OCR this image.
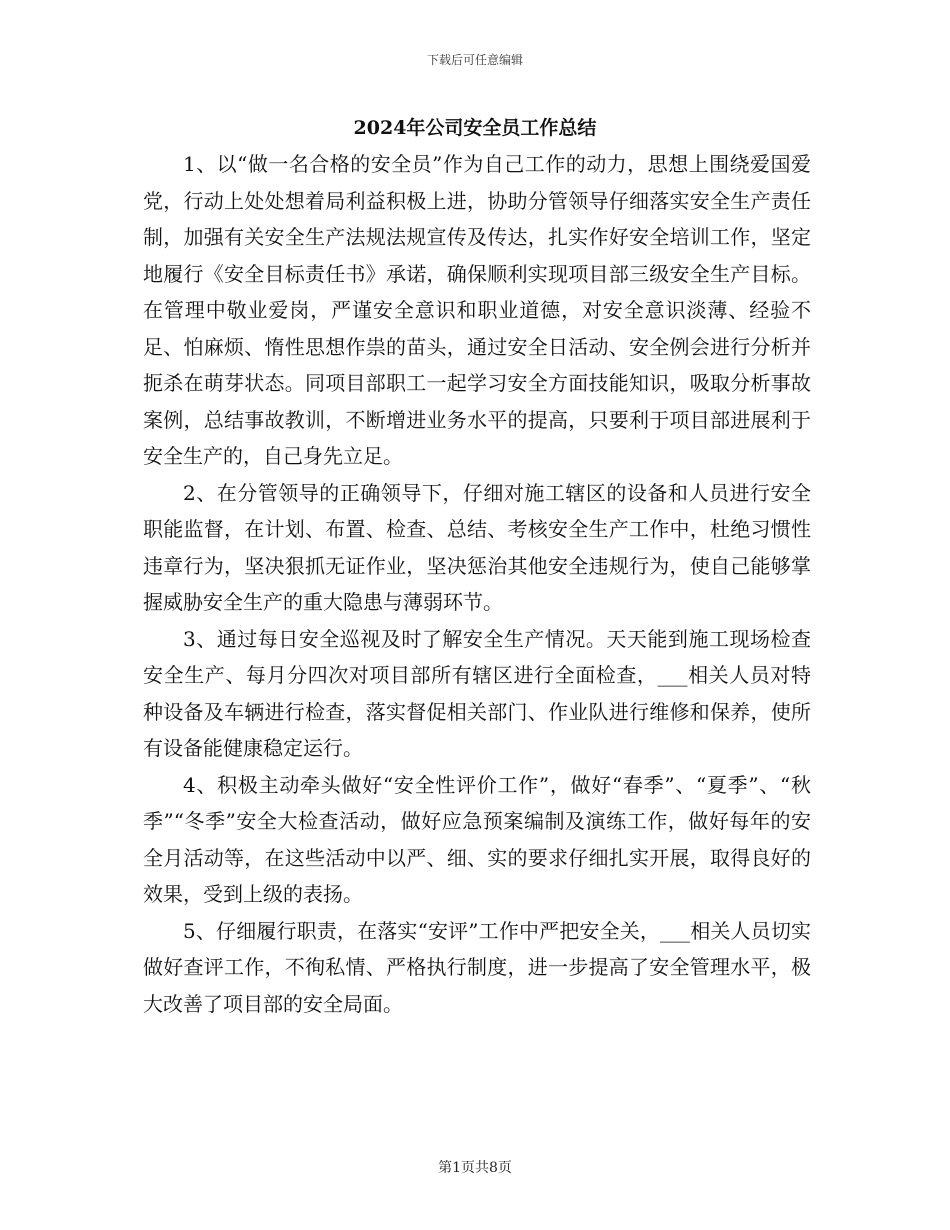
下载后可任意编辑
2024年公司安全员工作总结

1、以“做一名合格的安全员”作为自己工作的动力，思想上围绕爱国爱党，行动上处处想着局利益积极上进，协助分管领导仔细落实安全生产责任制，加强有关安全生产法规法规宣传及传达，扎实作好安全培训工作，坚定地履行《安全目标责任书》承诺，确保顺利实现项目部三级安全生产目标。在管理中敬业爱岗，严谨安全意识和职业道德，对安全意识淡薄、经验不足、怕麻烦、惰性思想作祟的苗头，通过安全日活动、安全例会进行分析并扼杀在萌芽状态。同项目部职工一起学习安全方面技能知识，吸取分析事故案例，总结事故教训，不断增进业务水平的提高，只要利于项目部进展利于安全生产的，自己身先立足。

2、在分管领导的正确领导下，仔细对施工辖区的设备和人员进行安全职能监督，在计划、布置、检查、总结、考核安全生产工作中，杜绝习惯性违章行为，坚决狠抓无证作业，坚决惩治其他安全违规行为，使自己能够掌握威胁安全生产的重大隐患与薄弱环节。

3、通过每日安全巡视及时了解安全生产情况。天天能到施工现场检查安全生产、每月分四次对项目部所有辖区进行全面检查，___相关人员对特种设备及车辆进行检查，落实督促相关部门、作业队进行维修和保养，使所有设备能健康稳定运行。

4、积极主动牵头做好“安全性评价工作”，做好“春季”、“夏季”、“秋季”“冬季”安全大检查活动，做好应急预案编制及演练工作，做好每年的安全月活动等，在这些活动中以严、细、实的要求仔细扎实开展，取得良好的效果，受到上级的表扬。

5、仔细履行职责，在落实“安评”工作中严把安全关，___相关人员切实做好查评工作，不徇私情、严格执行制度，进一步提高了安全管理水平，极大改善了项目部的安全局面。

第1页共8页
